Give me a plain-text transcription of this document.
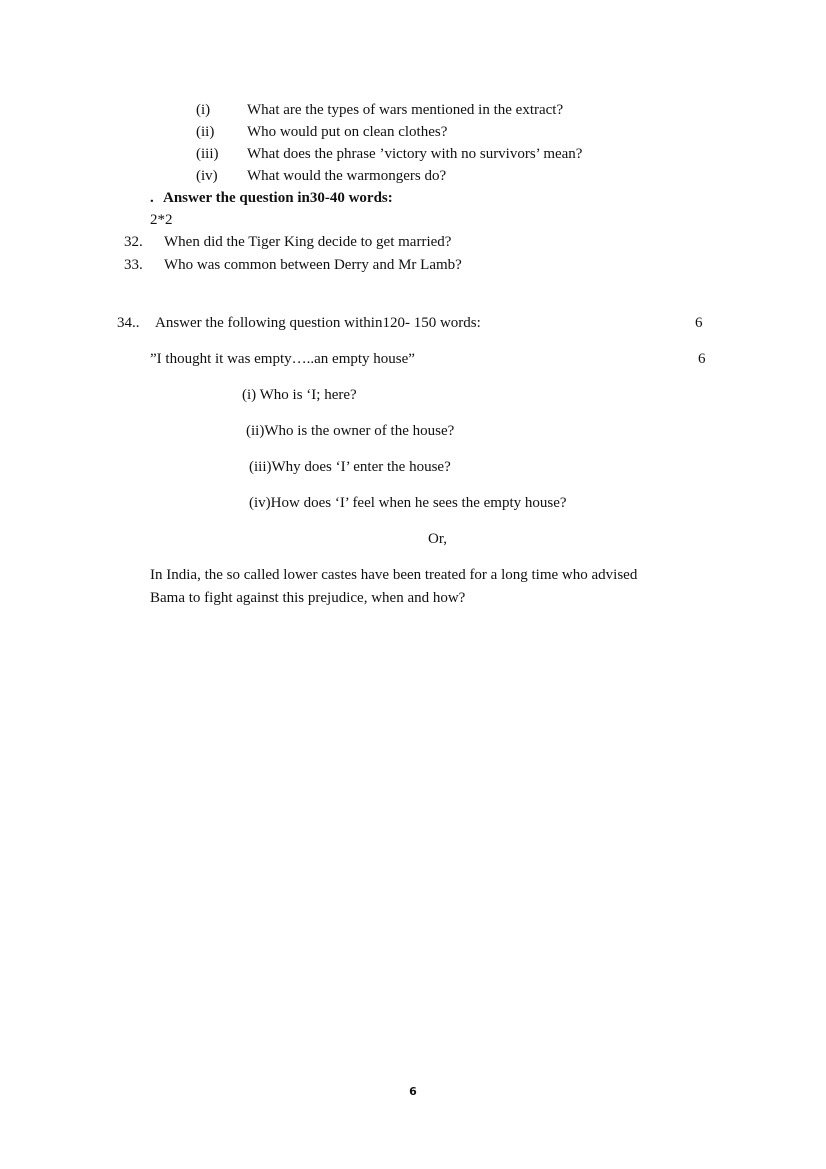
(i) What are the types of wars mentioned in the extract?
(ii) Who would put on clean clothes?
(iii) What does the phrase ’victory with no survivors’ mean?
(iv) What would the warmongers do?
. Answer the question in30-40 words:
2*2
32. When did the Tiger King decide to get married?
33. Who was common between Derry and Mr Lamb?
34.. Answer the following question within120- 150 words:	6
”I thought it was empty…..an empty house”	6
(i) Who is ‘I; here?
(ii)Who is the owner of the house?
(iii)Why does ‘I’ enter the house?
(iv)How does ‘I’ feel when he sees the empty house?
Or,
In India, the so called lower castes have been treated for a long time who advised
Bama to fight against this prejudice, when and how?
6
